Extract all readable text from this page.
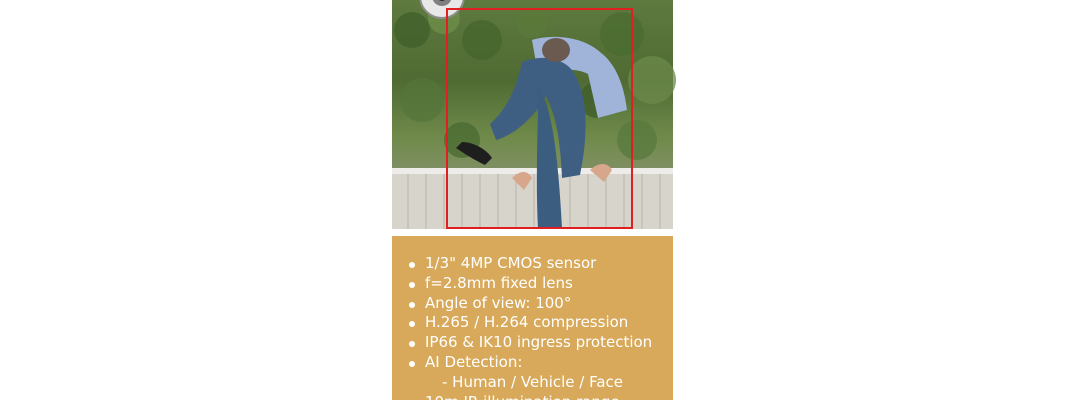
1/3" 4MP CMOS sensor
f=2.8mm fixed lens
Angle of view: 100°
H.265 / H.264 compression
IP66 & IK10 ingress protection
AI Detection:
- Human / Vehicle / Face
10m IR illumination range
